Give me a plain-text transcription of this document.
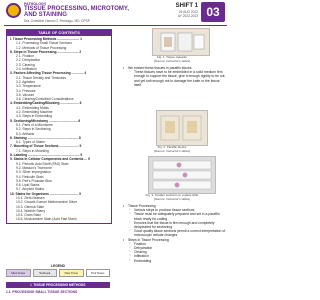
PATHOLOGY
TISSUE PROCESSING, MICROTOMY,
AND STAINING
Dra. Celestine Hanna G. Feniazgo, MD, DPSP
SHIFT 1
24 AUG 2022
AY 2022-2023 03
TABLE OF CONTENTS
I. Tissue Processing Methods ........................ 1
1.1. Processing Small Tissue Sections
1.2. Methods of Tissue Processing
II. Steps in Tissue Processing ....................... 2
2.1. Fixation
2.2. Dehydration
2.3. Clearing
2.4. Infiltration
3. Factors Affecting Tissue Processing ............. 4
3.1. Tissue Density and Thickness
3.2. Agitation
3.3. Temperature
3.4. Pressure
3.5. Vacuum
3.6. Clearing/Controlled Considerations
4. Embedding/Casting/Blocking .................... 6
4.1. Embedding Molds
4.2. Embedding Machine
4.3. Steps in Embedding
5. Sectioning/Microtomy ............................... 6
5.1. Parts of a Microtome
5.2. Steps in Sectioning
5.3. Artifacts
6. Staining ....................................................... 8
6.1. Types of Stains
7. Mounting of Tissue Sections ..................... 9
7.1. Steps in Mounting
8. Labeling ........................................................ 9
9. Stains in Cellular Components and Contents ... 9
9.1. Periodic Acid Schiff (PAS) Stain
9.2. Masson's Trichrome
9.3. Silver Impregnation
9.4. Reticulin Stain
9.5. Perl's Prussian Blue
9.6. Lipid Stains
9.7. Amyloid Stains
10. Stains for Organisms ............................... 9
10.1. Ziehl-Neelsen
10.2. Grocott-Gomori Methenamine Silver
10.3. Giemsa Stain
10.4. Warthin Starry
10.5. Gram Stain
10.6. Mucicarmine Stain (Acid Fast Stain)
LEGEND
Must Know	Textbook	Past Trans	Prof Notes
I. TISSUE PROCESSING METHODS
1.1. PROCESSING SMALL TISSUE SECTIONS
Fig. 1. Tissue cassette
[Source: Instructor's slides]
• We embed these tissues in paraffin blocks
○ These tissues have to be embedded in a solid medium firm enough to support the tissue, give it enough rigidity to be cut, and yet soft enough not to damage the knife or the tissue itself.
Fig. 2. Paraffin blocks
[Source: Instructor's slides]
Fig. 3. Smaller sections on a glass slide
[Source: Instructor's slides]
• Tissue Processing
○ Various steps to produce tissue sections
○ Tissue must be adequately prepared and set in a paraffin block ready for cutting
○ Ensures that the tissue is firm enough and completely dehydrated for sectioning
○ Good quality tissue sections permit a correct interpretation of microscopic cellular changes
• Steps in Tissue Processing
○ Fixation
○ Dehydration
○ Clearing
○ Infiltration
○ Embedding
